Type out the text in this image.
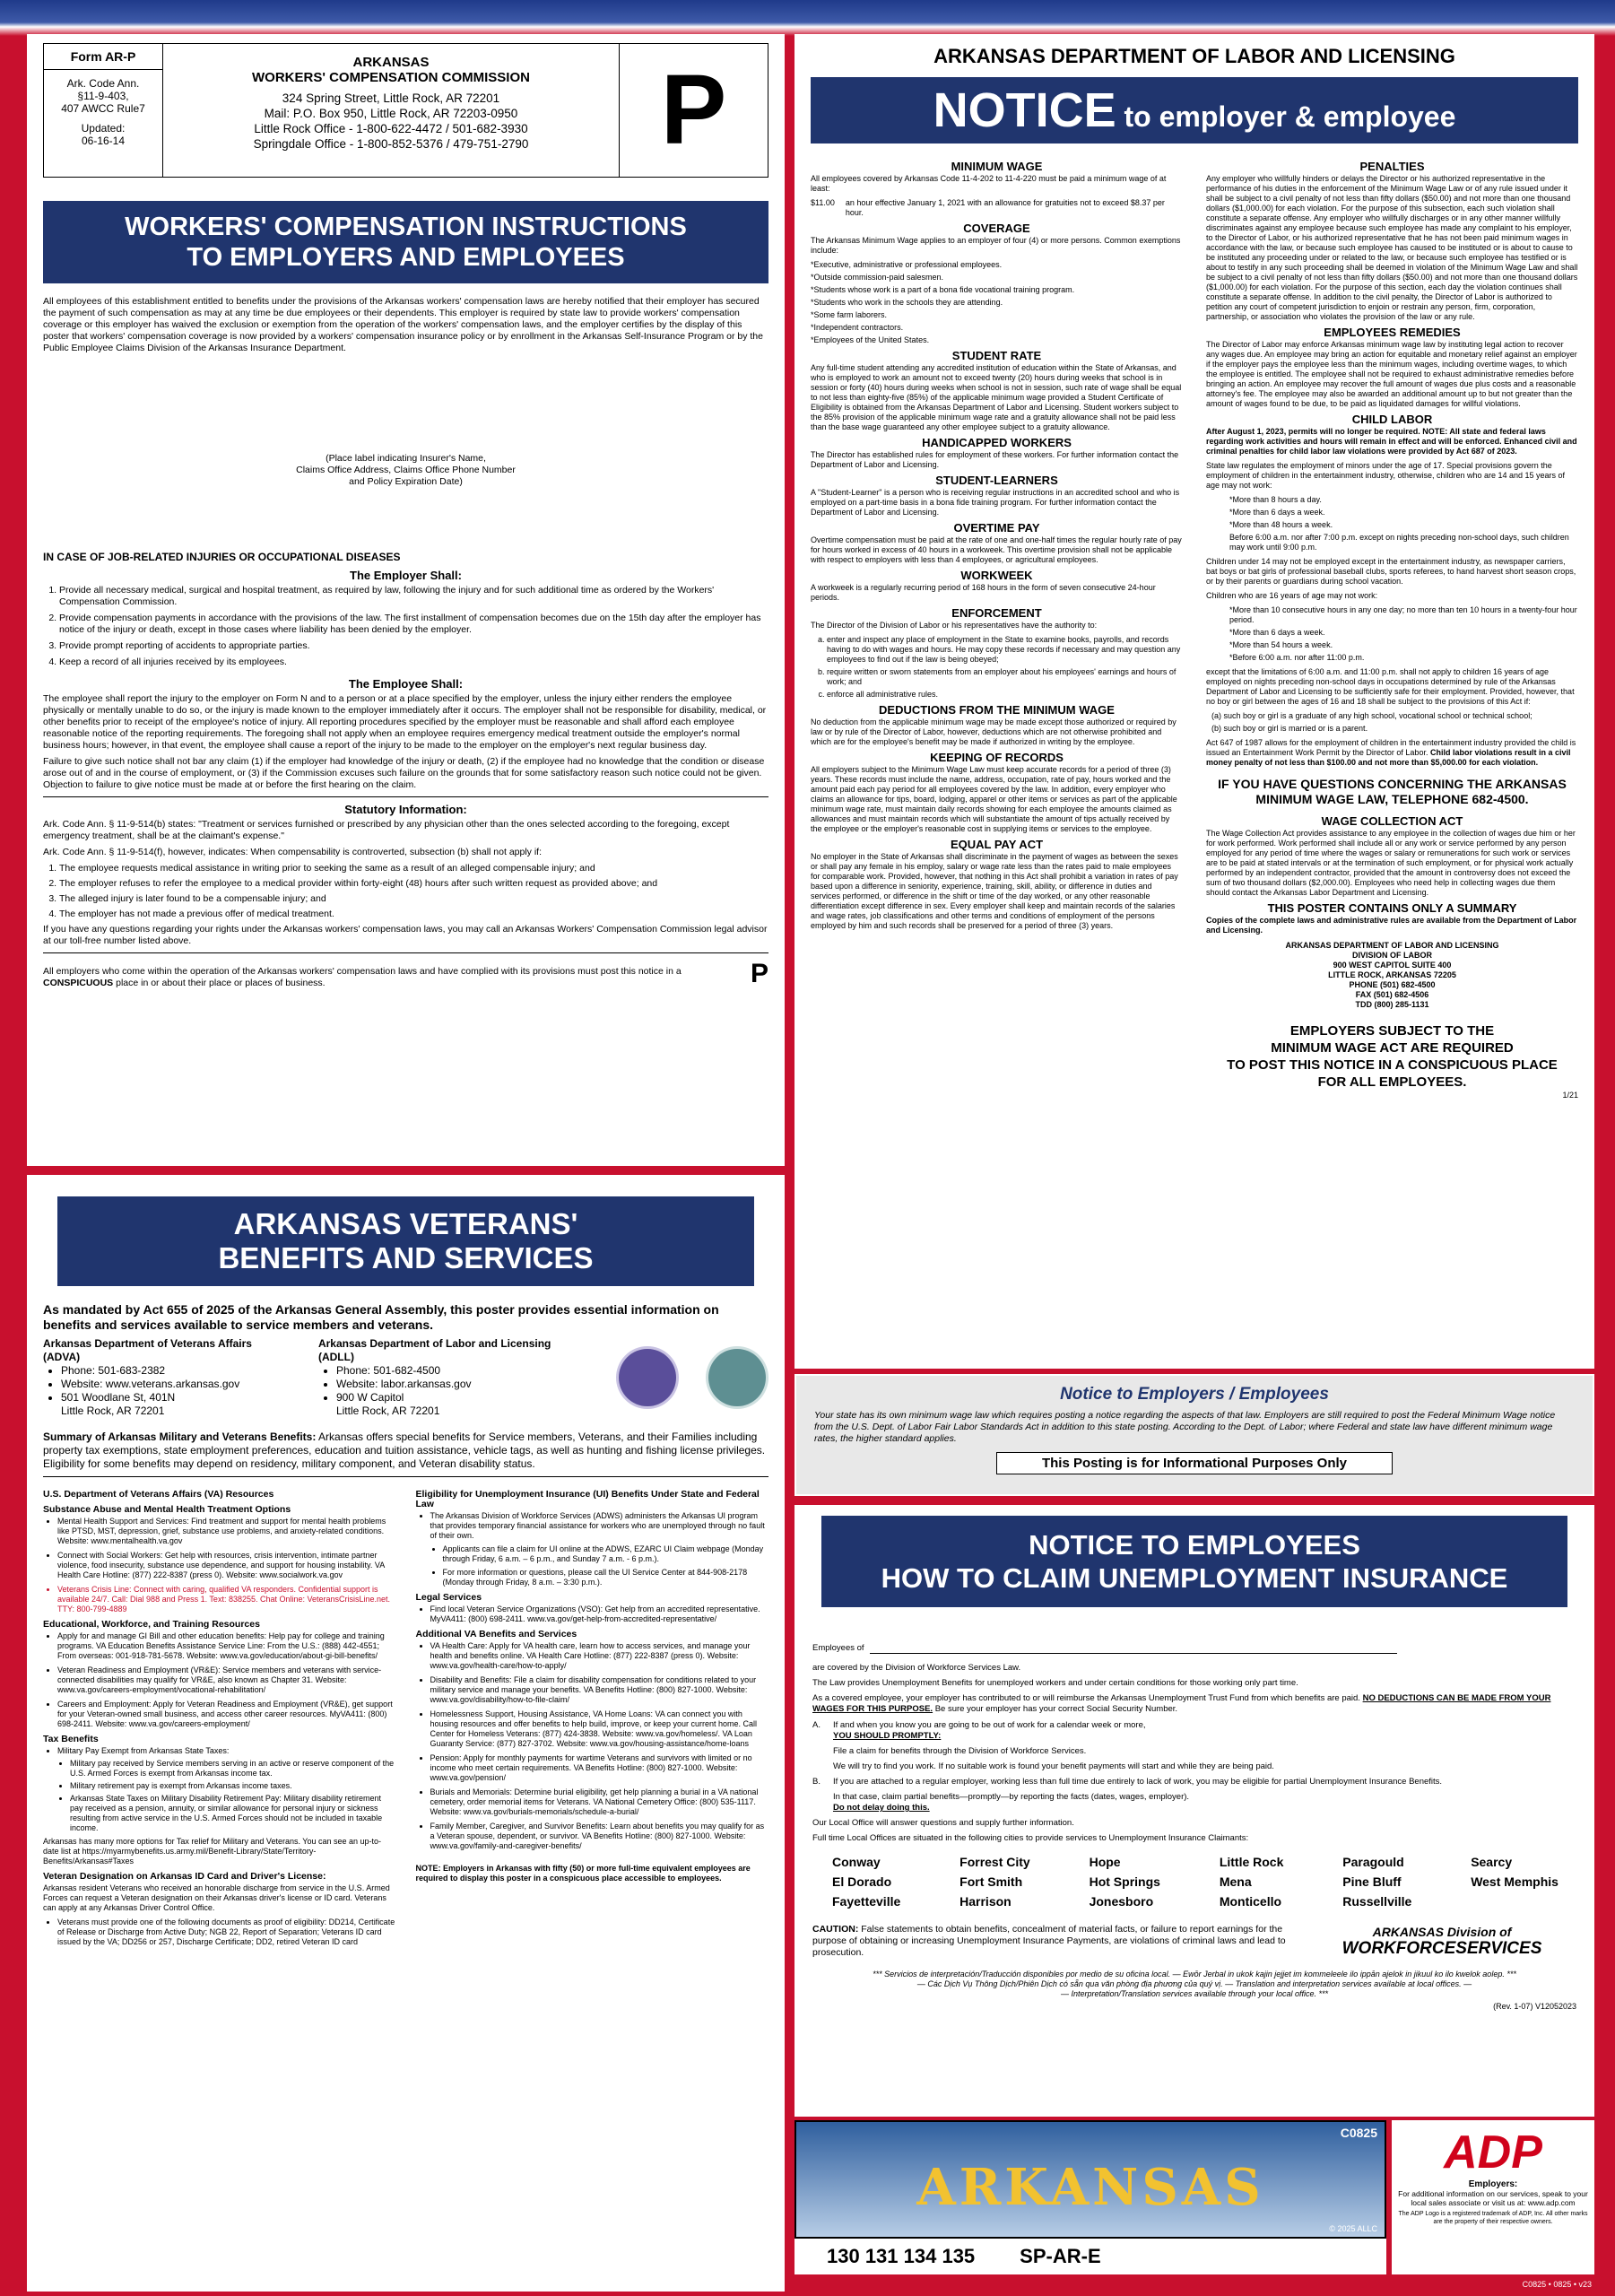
Form AR-P
Ark. Code Ann.
§11-9-403,
407 AWCC Rule7
Updated:
06-16-14
ARKANSAS
WORKERS' COMPENSATION COMMISSION
324 Spring Street, Little Rock, AR 72201
Mail: P.O. Box 950, Little Rock, AR 72203-0950
Little Rock Office - 1-800-622-4472 / 501-682-3930
Springdale Office - 1-800-852-5376 / 479-751-2790	P
WORKERS' COMPENSATION INSTRUCTIONS
TO EMPLOYERS AND EMPLOYEES

All employees of this establishment entitled to benefits under the provisions of the Arkansas workers' compensation laws are hereby notified that their employer has secured the payment of such compensation as may at any time be due employees or their dependents. This employer is required by state law to provide workers' compensation coverage or this employer has waived the exclusion or exemption from the operation of the workers' compensation laws, and the employer certifies by the display of this poster that workers' compensation coverage is now provided by a workers' compensation insurance policy or by enrollment in the Arkansas Self-Insurance Program or by the Public Employee Claims Division of the Arkansas Insurance Department.

(Place label indicating Insurer's Name,
Claims Office Address, Claims Office Phone Number
and Policy Expiration Date)
IN CASE OF JOB-RELATED INJURIES OR OCCUPATIONAL DISEASES
The Employer Shall:
1. Provide all necessary medical, surgical and hospital treatment, as required by law, following the injury and for such additional time as ordered by the Workers' Compensation Commission.
2. Provide compensation payments in accordance with the provisions of the law. The first installment of compensation becomes due on the 15th day after the employer has notice of the injury or death, except in those cases where liability has been denied by the employer.
3. Provide prompt reporting of accidents to appropriate parties.
4. Keep a record of all injuries received by its employees.
The Employee Shall:

The employee shall report the injury to the employer on Form N and to a person or at a place specified by the employer, unless the injury either renders the employee physically or mentally unable to do so, or the injury is made known to the employer immediately after it occurs. The employer shall not be responsible for disability, medical, or other benefits prior to receipt of the employee's notice of injury. All reporting procedures specified by the employer must be reasonable and shall afford each employee reasonable notice of the reporting requirements. The foregoing shall not apply when an employee requires emergency medical treatment outside the employer's normal business hours; however, in that event, the employee shall cause a report of the injury to be made to the employer on the employer's next regular business day.

Failure to give such notice shall not bar any claim (1) if the employer had knowledge of the injury or death, (2) if the employee had no knowledge that the condition or disease arose out of and in the course of employment, or (3) if the Commission excuses such failure on the grounds that for some satisfactory reason such notice could not be given. Objection to failure to give notice must be made at or before the first hearing on the claim.

Statutory Information:

Ark. Code Ann. § 11-9-514(b) states: "Treatment or services furnished or prescribed by any physician other than the ones selected according to the foregoing, except emergency treatment, shall be at the claimant's expense."

Ark. Code Ann. § 11-9-514(f), however, indicates: When compensability is controverted, subsection (b) shall not apply if:

1. The employee requests medical assistance in writing prior to seeking the same as a result of an alleged compensable injury; and
2. The employer refuses to refer the employee to a medical provider within forty-eight (48) hours after such written request as provided above; and
3. The alleged injury is later found to be a compensable injury; and
4. The employer has not made a previous offer of medical treatment.

If you have any questions regarding your rights under the Arkansas workers' compensation laws, you may call an Arkansas Workers' Compensation Commission legal advisor at our toll-free number listed above.

All employers who come within the operation of the Arkansas workers' compensation laws and have complied with its provisions must post this notice in a CONSPICUOUS place in or about their place or places of business.	P
ARKANSAS DEPARTMENT OF LABOR AND LICENSING
NOTICE to employer & employee
MINIMUM WAGE

All employees covered by Arkansas Code 11-4-202 to 11-4-220 must be paid a minimum wage of at least:

$11.00 an hour effective January 1, 2021 with an allowance for gratuities not to exceed $8.37 per hour.
COVERAGE

The Arkansas Minimum Wage applies to an employer of four (4) or more persons. Common exemptions include:

*Executive, administrative or professional employees.
*Outside commission-paid salesmen.
*Students whose work is a part of a bona fide vocational training program.
*Students who work in the schools they are attending.
*Some farm laborers.
*Independent contractors.
*Employees of the United States.
STUDENT RATE

Any full-time student attending any accredited institution of education within the State of Arkansas, and who is employed to work an amount not to exceed twenty (20) hours during weeks that school is in session or forty (40) hours during weeks when school is not in session, such rate of wage shall be equal to not less than eighty-five (85%) of the applicable minimum wage provided a Student Certificate of Eligibility is obtained from the Arkansas Department of Labor and Licensing. Student workers subject to the 85% provision of the applicable minimum wage rate and a gratuity allowance shall not be paid less than the base wage guaranteed any other employee subject to a gratuity allowance.

HANDICAPPED WORKERS

The Director has established rules for employment of these workers. For further information contact the Department of Labor and Licensing.

STUDENT-LEARNERS

A "Student-Learner" is a person who is receiving regular instructions in an accredited school and who is employed on a part-time basis in a bona fide training program. For further information contact the Department of Labor and Licensing.

OVERTIME PAY

Overtime compensation must be paid at the rate of one and one-half times the regular hourly rate of pay for hours worked in excess of 40 hours in a workweek. This overtime provision shall not be applicable with respect to employers with less than 4 employees, or agricultural employees.

WORKWEEK

A workweek is a regularly recurring period of 168 hours in the form of seven consecutive 24-hour periods.

ENFORCEMENT

The Director of the Division of Labor or his representatives have the authority to:

a. enter and inspect any place of employment in the State to examine books, payrolls, and records having to do with wages and hours. He may copy these records if necessary and may question any employees to find out if the law is being obeyed;
b. require written or sworn statements from an employer about his employees' earnings and hours of work; and
c. enforce all administrative rules.
DEDUCTIONS FROM THE MINIMUM WAGE

No deduction from the applicable minimum wage may be made except those authorized or required by law or by rule of the Director of Labor, however, deductions which are not otherwise prohibited and which are for the employee's benefit may be made if authorized in writing by the employee.

KEEPING OF RECORDS

All employers subject to the Minimum Wage Law must keep accurate records for a period of three (3) years. These records must include the name, address, occupation, rate of pay, hours worked and the amount paid each pay period for all employees covered by the law. In addition, every employer who claims an allowance for tips, board, lodging, apparel or other items or services as part of the applicable minimum wage rate, must maintain daily records showing for each employee the amounts claimed as allowances and must maintain records which will substantiate the amount of tips actually received by the employee or the employer's reasonable cost in supplying items or services to the employee.

EQUAL PAY ACT

No employer in the State of Arkansas shall discriminate in the payment of wages as between the sexes or shall pay any female in his employ, salary or wage rate less than the rates paid to male employees for comparable work. Provided, however, that nothing in this Act shall prohibit a variation in rates of pay based upon a difference in seniority, experience, training, skill, ability, or difference in duties and services performed, or difference in the shift or time of the day worked, or any other reasonable differentiation except difference in sex. Every employer shall keep and maintain records of the salaries and wage rates, job classifications and other terms and conditions of employment of the persons employed by him and such records shall be preserved for a period of three (3) years.

PENALTIES

Any employer who willfully hinders or delays the Director or his authorized representative in the performance of his duties in the enforcement of the Minimum Wage Law or of any rule issued under it shall be subject to a civil penalty of not less than fifty dollars ($50.00) and not more than one thousand dollars ($1,000.00) for each violation. For the purpose of this subsection, each such violation shall constitute a separate offense. Any employer who willfully discharges or in any other manner willfully discriminates against any employee because such employee has made any complaint to his employer, to the Director of Labor, or his authorized representative that he has not been paid minimum wages in accordance with the law, or because such employee has caused to be instituted or is about to cause to be instituted any proceeding under or related to the law, or because such employee has testified or is about to testify in any such proceeding shall be deemed in violation of the Minimum Wage Law and shall be subject to a civil penalty of not less than fifty dollars ($50.00) and not more than one thousand dollars ($1,000.00) for each violation. For the purpose of this section, each day the violation continues shall constitute a separate offense. In addition to the civil penalty, the Director of Labor is authorized to petition any court of competent jurisdiction to enjoin or restrain any person, firm, corporation, partnership, or association who violates the provision of the law or any rule.

EMPLOYEES REMEDIES

The Director of Labor may enforce Arkansas minimum wage law by instituting legal action to recover any wages due. An employee may bring an action for equitable and monetary relief against an employer if the employer pays the employee less than the minimum wages, including overtime wages, to which the employee is entitled. The employee shall not be required to exhaust administrative remedies before bringing an action. An employee may recover the full amount of wages due plus costs and a reasonable attorney's fee. The employee may also be awarded an additional amount up to but not greater than the amount of wages found to be due, to be paid as liquidated damages for willful violations.

CHILD LABOR

After August 1, 2023, permits will no longer be required. NOTE: All state and federal laws regarding work activities and hours will remain in effect and will be enforced. Enhanced civil and criminal penalties for child labor law violations were provided by Act 687 of 2023.

State law regulates the employment of minors under the age of 17. Special provisions govern the employment of children in the entertainment industry, otherwise, children who are 14 and 15 years of age may not work:

*More than 8 hours a day.
*More than 6 days a week.
*More than 48 hours a week.
Before 6:00 a.m. nor after 7:00 p.m. except on nights preceding non-school days, such children may work until 9:00 p.m.

Children under 14 may not be employed except in the entertainment industry, as newspaper carriers, bat boys or bat girls of professional baseball clubs, sports referees, to hand harvest short season crops, or by their parents or guardians during school vacation.

Children who are 16 years of age may not work:

*More than 10 consecutive hours in any one day; no more than ten 10 hours in a twenty-four hour period.
*More than 6 days a week.
*More than 54 hours a week.
*Before 6:00 a.m. nor after 11:00 p.m.

except that the limitations of 6:00 a.m. and 11:00 p.m. shall not apply to children 16 years of age employed on nights preceding non-school days in occupations determined by rule of the Arkansas Department of Labor and Licensing to be sufficiently safe for their employment. Provided, however, that no boy or girl between the ages of 16 and 18 shall be subject to the provisions of this Act if:

(a) such boy or girl is a graduate of any high school, vocational school or technical school;
(b) such boy or girl is married or is a parent.

Act 647 of 1987 allows for the employment of children in the entertainment industry provided the child is issued an Entertainment Work Permit by the Director of Labor. Child labor violations result in a civil money penalty of not less than $100.00 and not more than $5,000.00 for each violation.

IF YOU HAVE QUESTIONS CONCERNING THE ARKANSAS MINIMUM WAGE LAW, TELEPHONE 682-4500.
WAGE COLLECTION ACT

The Wage Collection Act provides assistance to any employee in the collection of wages due him or her for work performed. Work performed shall include all or any work or service performed by any person employed for any period of time where the wages or salary or remunerations for such work or services are to be paid at stated intervals or at the termination of such employment, or for physical work actually performed by an independent contractor, provided that the amount in controversy does not exceed the sum of two thousand dollars ($2,000.00). Employees who need help in collecting wages due them should contact the Arkansas Labor Department and Licensing.

THIS POSTER CONTAINS ONLY A SUMMARY

Copies of the complete laws and administrative rules are available from the Department of Labor and Licensing.

ARKANSAS DEPARTMENT OF LABOR AND LICENSING
DIVISION OF LABOR
900 WEST CAPITOL SUITE 400
LITTLE ROCK, ARKANSAS 72205
PHONE (501) 682-4500
FAX (501) 682-4506
TDD (800) 285-1131
EMPLOYERS SUBJECT TO THE
MINIMUM WAGE ACT ARE REQUIRED
TO POST THIS NOTICE IN A CONSPICUOUS PLACE
FOR ALL EMPLOYEES.
1/21
Notice to Employers / Employees

Your state has its own minimum wage law which requires posting a notice regarding the aspects of that law. Employers are still required to post the Federal Minimum Wage notice from the U.S. Dept. of Labor Fair Labor Standards Act in addition to this state posting. According to the Dept. of Labor; where Federal and state law have different minimum wage rates, the higher standard applies.

This Posting is for Informational Purposes Only
ARKANSAS VETERANS'
BENEFITS AND SERVICES

As mandated by Act 655 of 2025 of the Arkansas General Assembly, this poster provides essential information on benefits and services available to service members and veterans.

Arkansas Department of Veterans Affairs (ADVA)
• Phone: 501-683-2382
• Website: www.veterans.arkansas.gov
• 501 Woodlane St, 401N
Little Rock, AR 72201
Arkansas Department of Labor and Licensing (ADLL)
• Phone: 501-682-4500
• Website: labor.arkansas.gov
• 900 W Capitol
Little Rock, AR 72201

Summary of Arkansas Military and Veterans Benefits: Arkansas offers special benefits for Service members, Veterans, and their Families including property tax exemptions, state employment preferences, education and tuition assistance, vehicle tags, as well as hunting and fishing license privileges. Eligibility for some benefits may depend on residency, military component, and Veteran disability status.

U.S. Department of Veterans Affairs (VA) Resources
Substance Abuse and Mental Health Treatment Options
• Mental Health Support and Services: Find treatment and support for mental health problems like PTSD, MST, depression, grief, substance use problems, and anxiety-related conditions. Website: www.mentalhealth.va.gov
• Connect with Social Workers: Get help with resources, crisis intervention, intimate partner violence, food insecurity, substance use dependence, and support for housing instability. VA Health Care Hotline: (877) 222-8387 (press 0). Website: www.socialwork.va.gov
• Veterans Crisis Line: Connect with caring, qualified VA responders. Confidential support is available 24/7. Call: Dial 988 and Press 1. Text: 838255. Chat Online: VeteransCrisisLine.net. TTY: 800-799-4889
Educational, Workforce, and Training Resources
• Apply for and manage GI Bill and other education benefits: Help pay for college and training programs. VA Education Benefits Assistance Service Line: From the U.S.: (888) 442-4551; From overseas: 001-918-781-5678. Website: www.va.gov/education/about-gi-bill-benefits/
• Veteran Readiness and Employment (VR&E): Service members and veterans with service-connected disabilities may qualify for VR&E, also known as Chapter 31. Website: www.va.gov/careers-employment/vocational-rehabilitation/
• Careers and Employment: Apply for Veteran Readiness and Employment (VR&E), get support for your Veteran-owned small business, and access other career resources. MyVA411: (800) 698-2411. Website: www.va.gov/careers-employment/
Tax Benefits
• Military Pay Exempt from Arkansas State Taxes:
• Military pay received by Service members serving in an active or reserve component of the U.S. Armed Forces is exempt from Arkansas income tax.
• Military retirement pay is exempt from Arkansas income taxes.
• Arkansas State Taxes on Military Disability Retirement Pay: Military disability retirement pay received as a pension, annuity, or similar allowance for personal injury or sickness resulting from active service in the U.S. Armed Forces should not be included in taxable income.

Arkansas has many more options for Tax relief for Military and Veterans. You can see an up-to-date list at https://myarmybenefits.us.army.mil/Benefit-Library/State/Territory-Benefits/Arkansas#Taxes

Veteran Designation on Arkansas ID Card and Driver's License:

Arkansas resident Veterans who received an honorable discharge from service in the U.S. Armed Forces can request a Veteran designation on their Arkansas driver's license or ID card. Veterans can apply at any Arkansas Driver Control Office.

• Veterans must provide one of the following documents as proof of eligibility: DD214, Certificate of Release or Discharge from Active Duty; NGB 22, Report of Separation; Veterans ID card issued by the VA; DD256 or 257, Discharge Certificate; DD2, retired Veteran ID card
Eligibility for Unemployment Insurance (UI) Benefits Under State and Federal Law
• The Arkansas Division of Workforce Services (ADWS) administers the Arkansas UI program that provides temporary financial assistance for workers who are unemployed through no fault of their own.
• Applicants can file a claim for UI online at the ADWS, EZARC UI Claim webpage (Monday through Friday, 6 a.m. – 6 p.m., and Sunday 7 a.m. - 6 p.m.).
• For more information or questions, please call the UI Service Center at 844-908-2178 (Monday through Friday, 8 a.m. – 3:30 p.m.).
Legal Services
• Find local Veteran Service Organizations (VSO): Get help from an accredited representative. MyVA411: (800) 698-2411. www.va.gov/get-help-from-accredited-representative/
Additional VA Benefits and Services
• VA Health Care: Apply for VA health care, learn how to access services, and manage your health and benefits online. VA Health Care Hotline: (877) 222-8387 (press 0). Website: www.va.gov/health-care/how-to-apply/
• Disability and Benefits: File a claim for disability compensation for conditions related to your military service and manage your benefits. VA Benefits Hotline: (800) 827-1000. Website: www.va.gov/disability/how-to-file-claim/
• Homelessness Support, Housing Assistance, VA Home Loans: VA can connect you with housing resources and offer benefits to help build, improve, or keep your current home. Call Center for Homeless Veterans: (877) 424-3838. Website: www.va.gov/homeless/. VA Loan Guaranty Service: (877) 827-3702. Website: www.va.gov/housing-assistance/home-loans
• Pension: Apply for monthly payments for wartime Veterans and survivors with limited or no income who meet certain requirements. VA Benefits Hotline: (800) 827-1000. Website: www.va.gov/pension/
• Burials and Memorials: Determine burial eligibility, get help planning a burial in a VA national cemetery, order memorial items for Veterans. VA National Cemetery Office: (800) 535-1117. Website: www.va.gov/burials-memorials/schedule-a-burial/
• Family Member, Caregiver, and Survivor Benefits: Learn about benefits you may qualify for as a Veteran spouse, dependent, or survivor. VA Benefits Hotline: (800) 827-1000. Website: www.va.gov/family-and-caregiver-benefits/

NOTE: Employers in Arkansas with fifty (50) or more full-time equivalent employees are required to display this poster in a conspicuous place accessible to employees.

NOTICE TO EMPLOYEES
HOW TO CLAIM UNEMPLOYMENT INSURANCE
Employees of

are covered by the Division of Workforce Services Law.

The Law provides Unemployment Benefits for unemployed workers and under certain conditions for those working only part time.

As a covered employee, your employer has contributed to or will reimburse the Arkansas Unemployment Trust Fund from which benefits are paid. NO DEDUCTIONS CAN BE MADE FROM YOUR WAGES FOR THIS PURPOSE. Be sure your employer has your correct Social Security Number.

A. If and when you know you are going to be out of work for a calendar week or more,
YOU SHOULD PROMPTLY:

File a claim for benefits through the Division of Workforce Services.

We will try to find you work. If no suitable work is found your benefit payments will start and while they are being paid.

B. If you are attached to a regular employer, working less than full time due entirely to lack of work, you may be eligible for partial Unemployment Insurance Benefits.

In that case, claim partial benefits—promptly—by reporting the facts (dates, wages, employer).
Do not delay doing this.

Our Local Office will answer questions and supply further information.

Full time Local Offices are situated in the following cities to provide services to Unemployment Insurance Claimants:

Conway
El Dorado
Fayetteville
Forrest City
Fort Smith
Harrison
Hope
Hot Springs
Jonesboro
Little Rock
Mena
Monticello
Paragould
Pine Bluff
Russellville
Searcy
West Memphis

CAUTION: False statements to obtain benefits, concealment of material facts, or failure to report earnings for the purpose of obtaining or increasing Unemployment Insurance Payments, are violations of criminal laws and lead to prosecution.

ARKANSAS Division of
WORKFORCESERVICES
*** Servicios de interpretación/Traducción disponibles por medio de su oficina local. — Ewōr Jerbal in ukok kajin jejjet im kommeleele ilo ippān ajelok in jikuul ko ilo kwelok aolep. ***
— Các Dịch Vụ Thông Dịch/Phiên Dịch có sẵn qua văn phòng địa phương của quý vị. — Translation and interpretation services available at local offices. —
— Interpretation/Translation services available through your local office. ***
(Rev. 1-07) V12052023
C0825
ARKANSAS
© 2025 ALLC
130 131 134 135 SP-AR-E
ADP
Employers:
For additional information on our services, speak to your local sales associate or visit us at: www.adp.com
The ADP Logo is a registered trademark of ADP, Inc. All other marks are the property of their respective owners.
C0825 • 0825 • v23
